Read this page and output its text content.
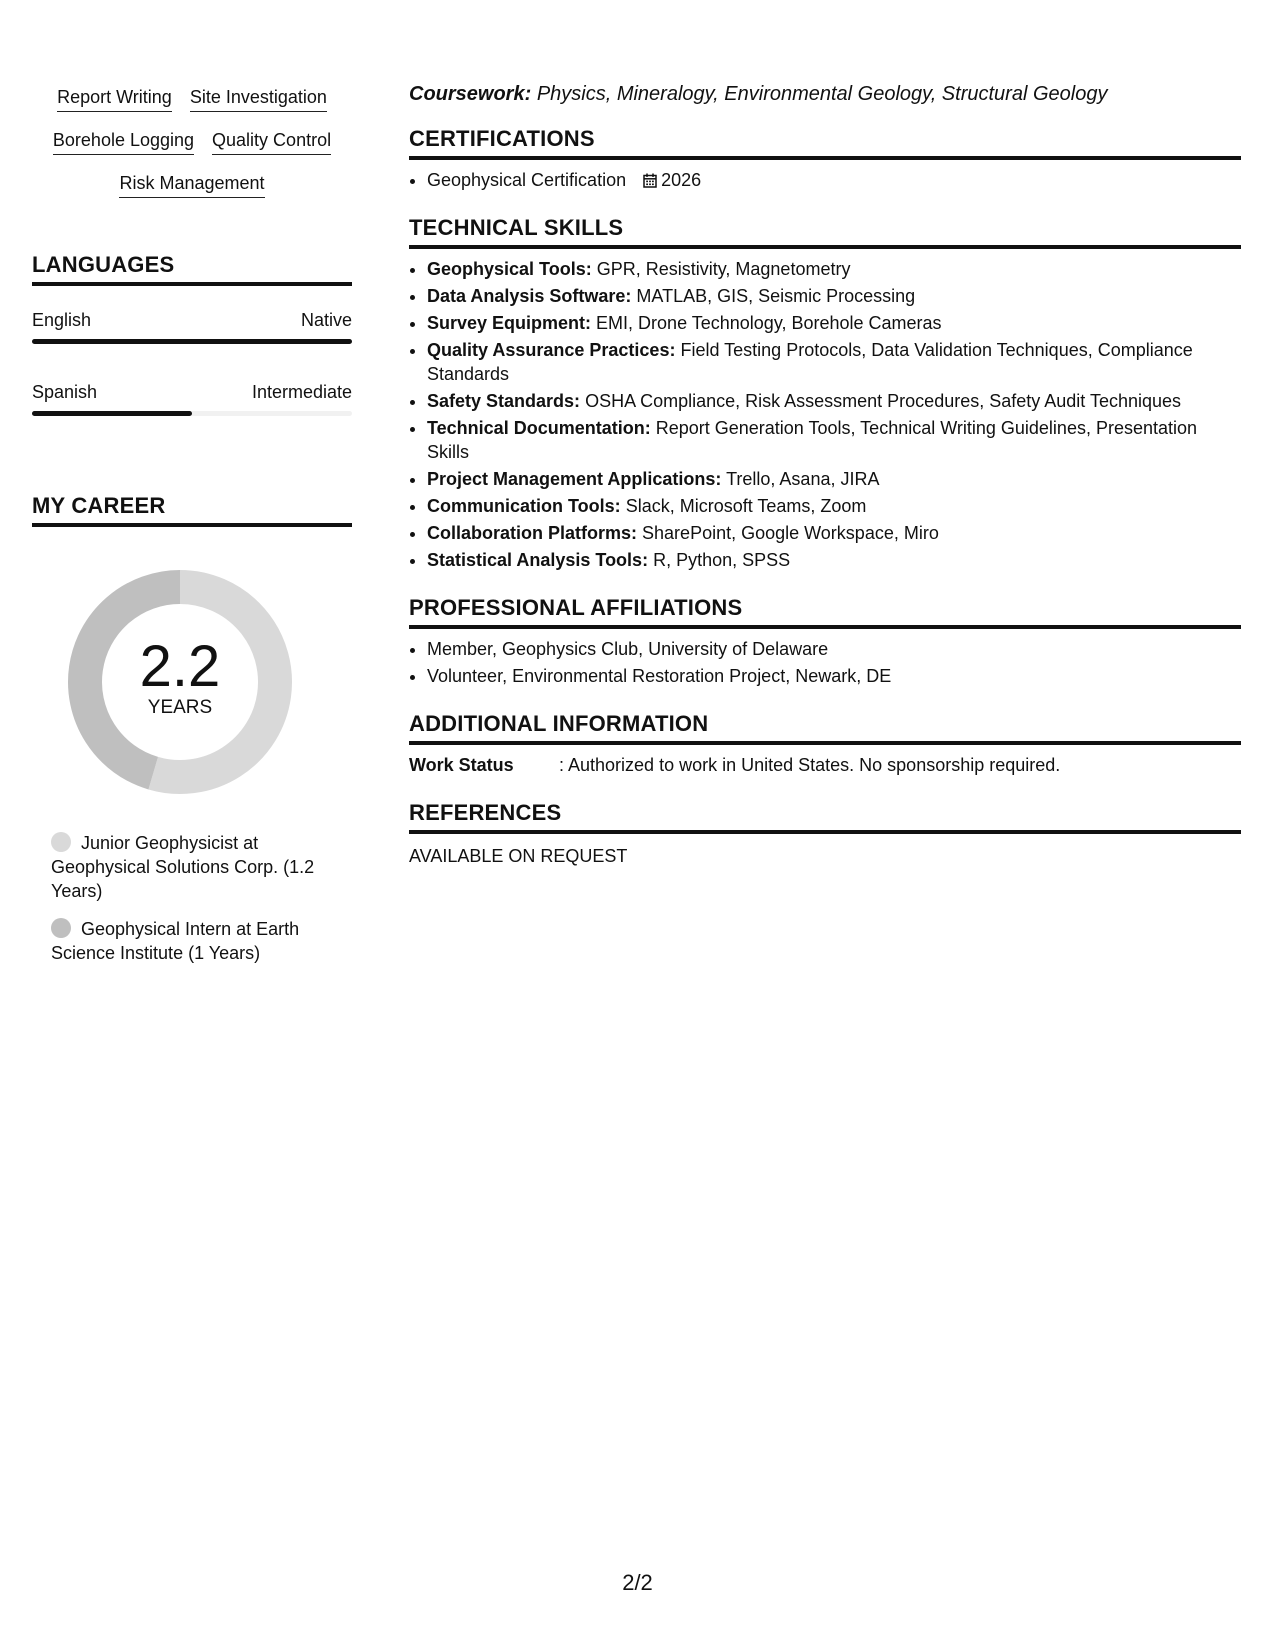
Report Writing Site Investigation
Borehole Logging Quality Control
Risk Management
LANGUAGES
English	Native
Spanish	Intermediate
MY CAREER
2.2
YEARS
Junior Geophysicist at Geophysical Solutions Corp. (1.2 Years)
Geophysical Intern at Earth Science Institute (1 Years)
Coursework: Physics, Mineralogy, Environmental Geology, Structural Geology
CERTIFICATIONS
• Geophysical Certification 2026
TECHNICAL SKILLS
• Geophysical Tools: GPR, Resistivity, Magnetometry
• Data Analysis Software: MATLAB, GIS, Seismic Processing
• Survey Equipment: EMI, Drone Technology, Borehole Cameras
• Quality Assurance Practices: Field Testing Protocols, Data Validation Techniques, Compliance Standards
• Safety Standards: OSHA Compliance, Risk Assessment Procedures, Safety Audit Techniques
• Technical Documentation: Report Generation Tools, Technical Writing Guidelines, Presentation Skills
• Project Management Applications: Trello, Asana, JIRA
• Communication Tools: Slack, Microsoft Teams, Zoom
• Collaboration Platforms: SharePoint, Google Workspace, Miro
• Statistical Analysis Tools: R, Python, SPSS
PROFESSIONAL AFFILIATIONS
• Member, Geophysics Club, University of Delaware
• Volunteer, Environmental Restoration Project, Newark, DE
ADDITIONAL INFORMATION
Work Status	: Authorized to work in United States. No sponsorship required.
REFERENCES
AVAILABLE ON REQUEST
2/2
